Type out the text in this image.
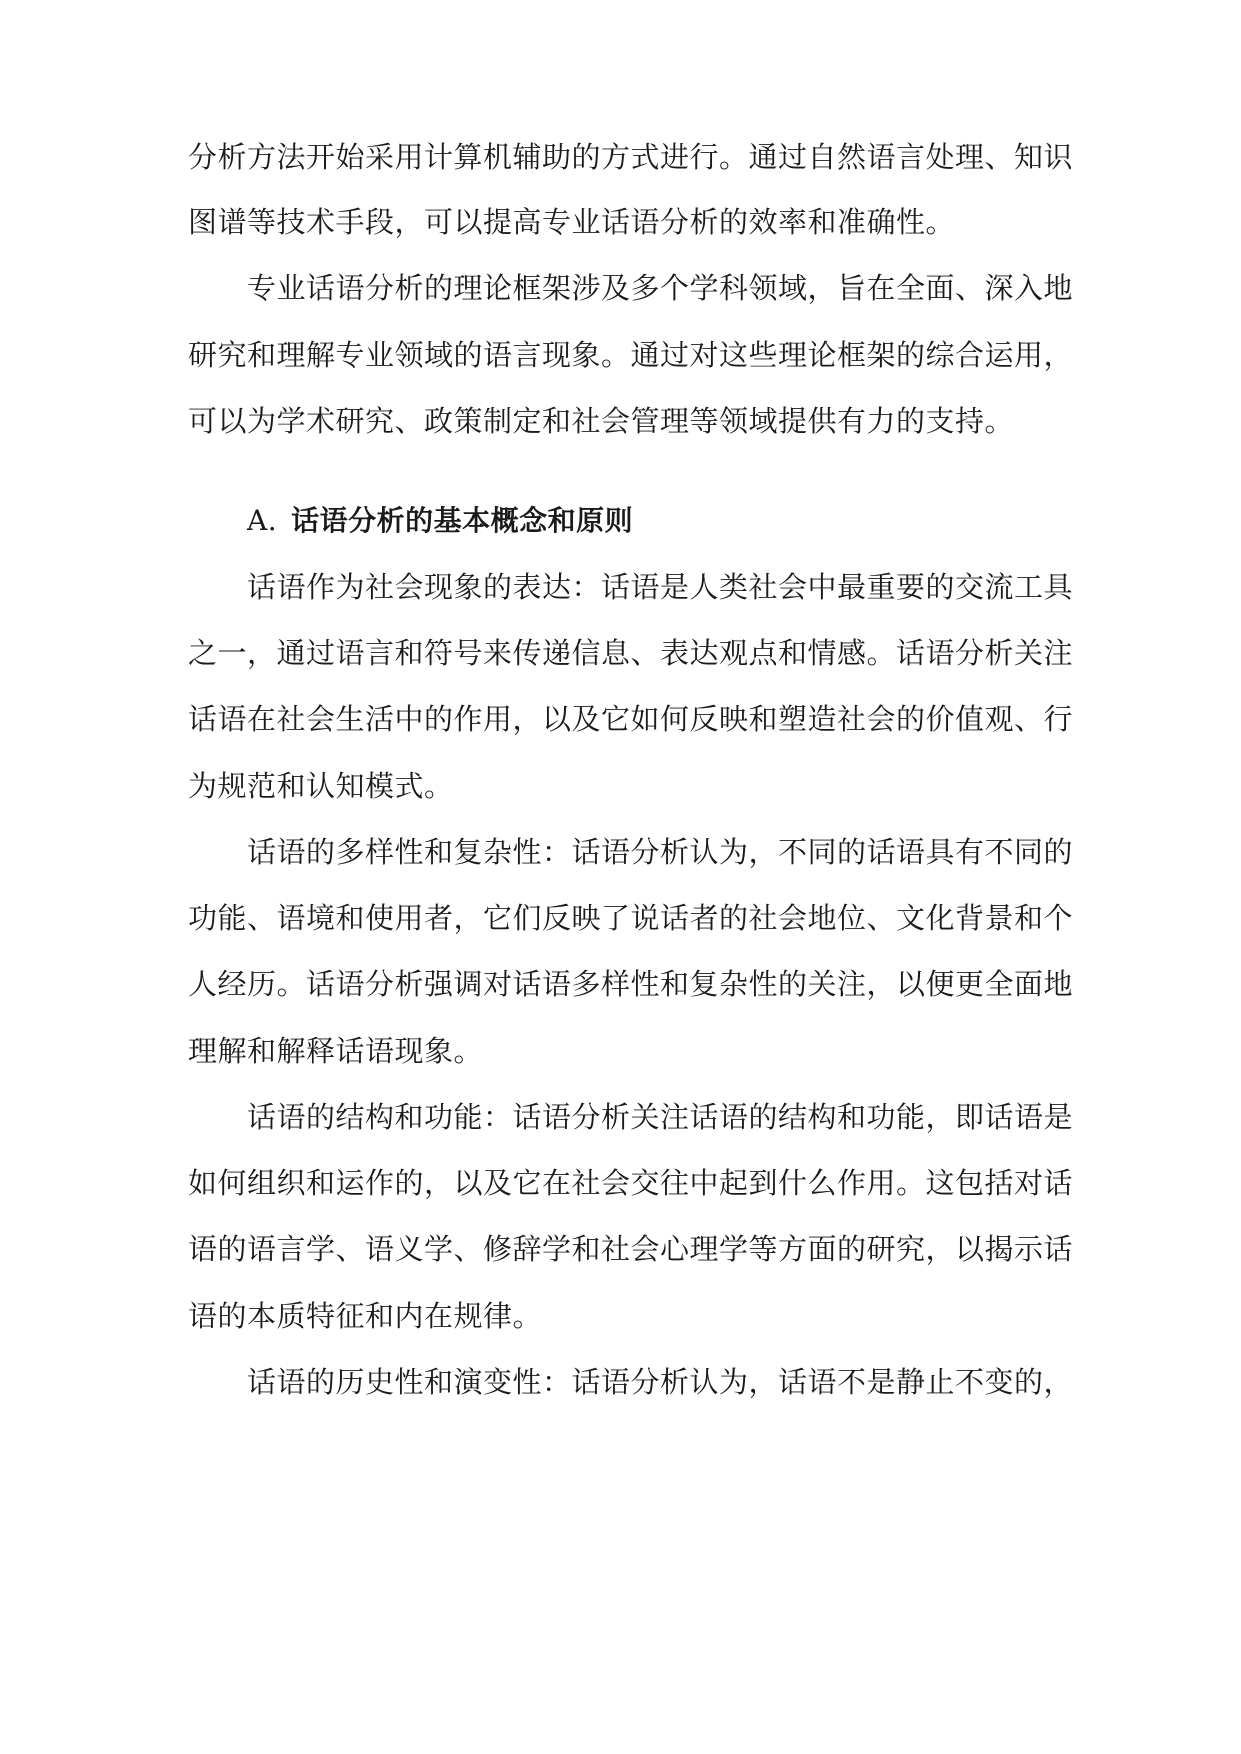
分析方法开始采用计算机辅助的方式进行。通过自然语言处理、知识
图谱等技术手段，可以提高专业话语分析的效率和准确性。
专业话语分析的理论框架涉及多个学科领域，旨在全面、深入地
研究和理解专业领域的语言现象。通过对这些理论框架的综合运用，
可以为学术研究、政策制定和社会管理等领域提供有力的支持。
A. 话语分析的基本概念和原则
话语作为社会现象的表达：话语是人类社会中最重要的交流工具
之一，通过语言和符号来传递信息、表达观点和情感。话语分析关注
话语在社会生活中的作用，以及它如何反映和塑造社会的价值观、行
为规范和认知模式。
话语的多样性和复杂性：话语分析认为，不同的话语具有不同的
功能、语境和使用者，它们反映了说话者的社会地位、文化背景和个
人经历。话语分析强调对话语多样性和复杂性的关注，以便更全面地
理解和解释话语现象。
话语的结构和功能：话语分析关注话语的结构和功能，即话语是
如何组织和运作的，以及它在社会交往中起到什么作用。这包括对话
语的语言学、语义学、修辞学和社会心理学等方面的研究，以揭示话
语的本质特征和内在规律。
话语的历史性和演变性：话语分析认为，话语不是静止不变的，
